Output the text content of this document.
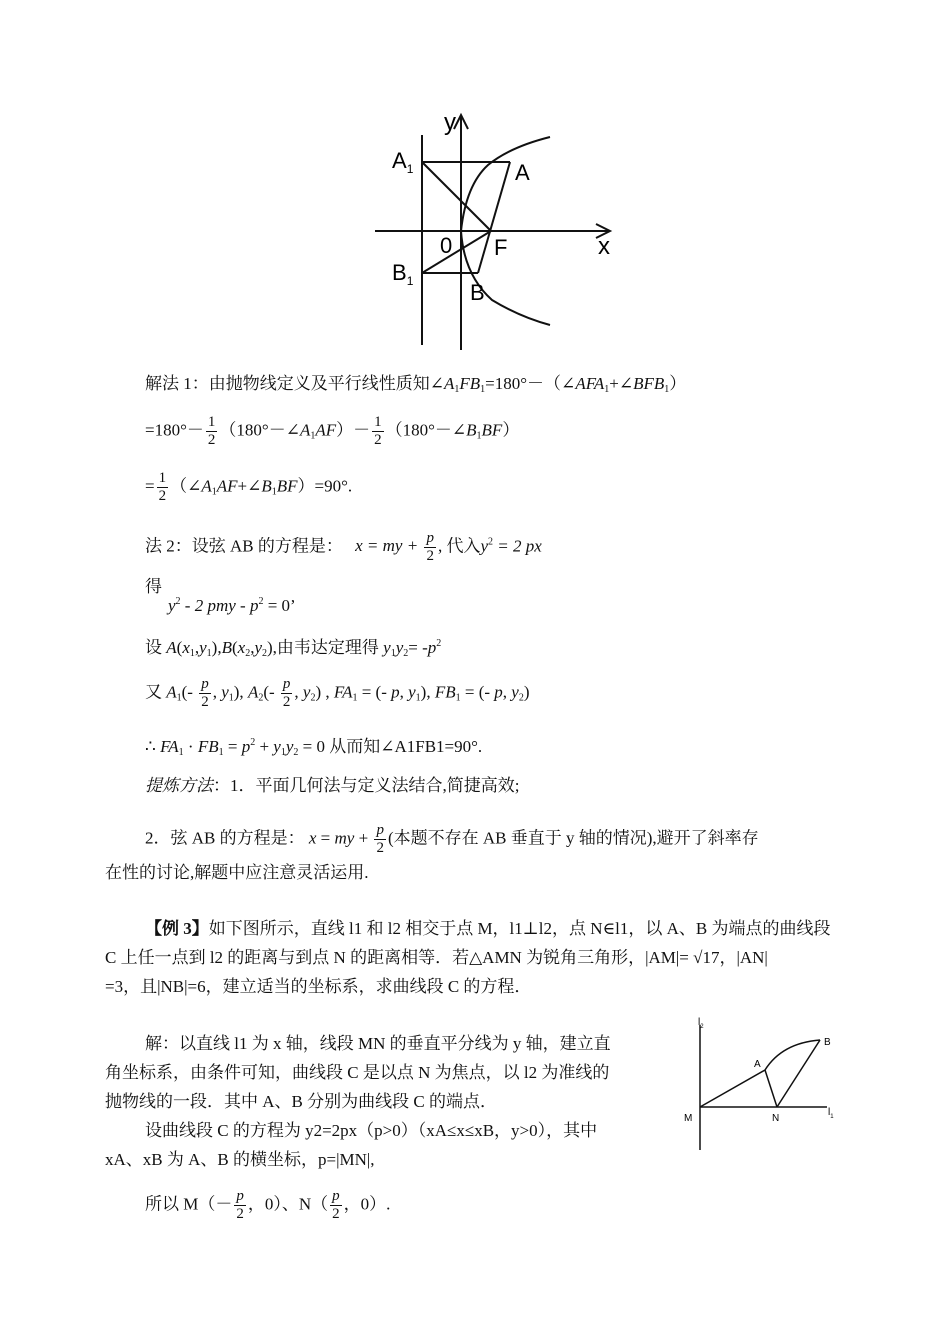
y
$A_1$	A
0 F	x
$B_1$	B
解法 1：由抛物线定义及平行线性质知$\angle A_1FB_1=180^\circ-(\angle AFA_1+\angle BFB_1)$
$=180^\circ- \frac{1}{2}$ $(180^\circ-\angle A_1AF)- \frac{1}{2}$ $(180^\circ-\angle B_1BF)$
= $\frac{1}{2}$ $(\angle A_1AF+\angle B_1BF)=90^\circ$.
法 2：设弦 AB 的方程是： x = my + $\frac{p}{2}$ , 代入$y^2 = 2$ px
得
$y^2 - 2$ pmy - $p^2 = 0$’
设 $A(x_1,y_1),B(x_2,y_2)$,由韦达定理得 $y_1y_2= -p^2$
又 $A_1(- \frac{p}{2}$ , $y_1$), $A_2(- \frac{p}{2}$ , $y_2$) , $FA_1$ = (- p, $y_1$), $FB_1$ = (- p, $y_2$)
∴ $FA_1 \cdot FB_1 = p^2 + y_1y_2 = 0$ 从而知∠A1FB1=90°.
提炼方法：1．平面几何法与定义法结合,简捷高效;
2．弦 AB 的方程是： x = my + $\frac{p}{2}$ (本题不存在 AB 垂直于 y 轴的情况),避开了斜率存
在性的讨论,解题中应注意灵活运用.
【例 3】如下图所示，直线 l1 和 l2 相交于点 M，l1⊥l2，点 N∈l1，以 A、B 为端点的曲线段
C 上任一点到 l2 的距离与到点 N 的距离相等．若△AMN 为锐角三角形，|AM|= √17，|AN|
=3，且|NB|=6，建立适当的坐标系，求曲线段 C 的方程．
解：以直线 l1 为 x 轴，线段 MN 的垂直平分线为 y 轴，建立直
角坐标系，由条件可知，曲线段 C 是以点 N 为焦点，以 l2 为准线的
抛物线的一段．其中 A、B 分别为曲线段 C 的端点．
设曲线段 C 的方程为 y2=2px（p>0）（xA≤x≤xB，y>0），其中
xA、xB 为 A、B 的横坐标，p=|MN|,
所以 $M(- \frac{p}{2}$ ，0）、$N( \frac{p}{2}$ ，0）.
$l_2$
A
B
M	N
$l_1$
